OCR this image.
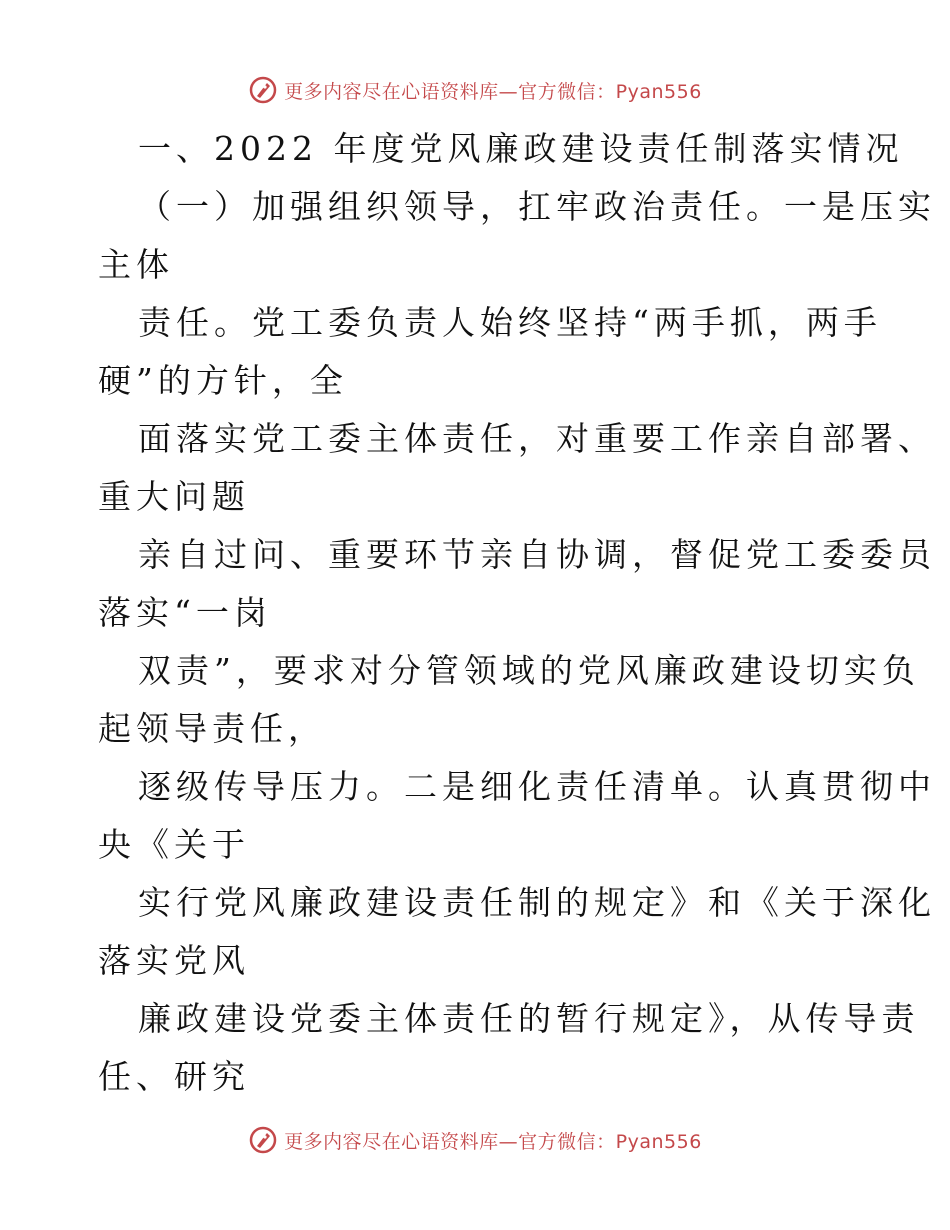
更多内容尽在心语资料库—官方微信：Pyan556
一、2022 年度党风廉政建设责任制落实情况
（一）加强组织领导，扛牢政治责任。一是压实
主体
责任。党工委负责人始终坚持“两手抓，两手
硬”的方针，全
面落实党工委主体责任，对重要工作亲自部署、
重大问题
亲自过问、重要环节亲自协调，督促党工委委员
落实“一岗
双责”，要求对分管领域的党风廉政建设切实负
起领导责任，
逐级传导压力。二是细化责任清单。认真贯彻中
央《关于
实行党风廉政建设责任制的规定》和《关于深化
落实党风
廉政建设党委主体责任的暂行规定》，从传导责
任、研究
更多内容尽在心语资料库—官方微信：Pyan556
